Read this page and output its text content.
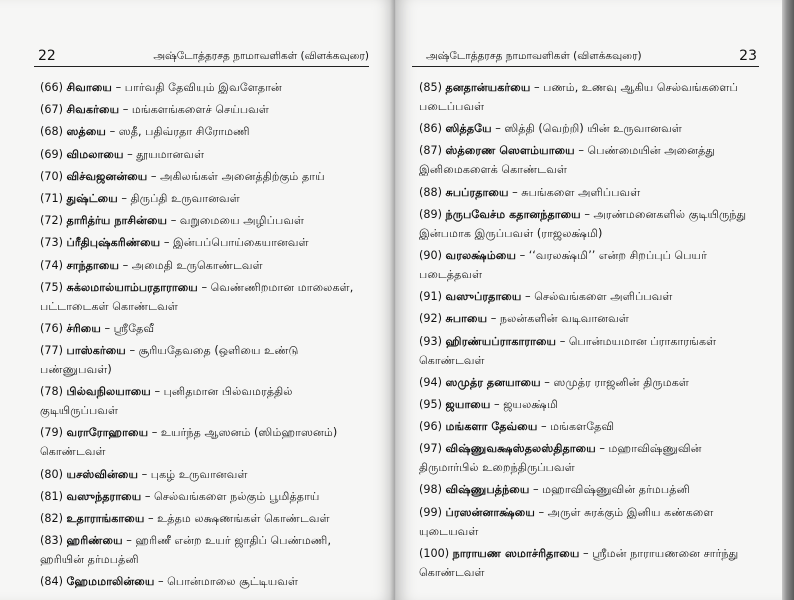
22	அஷ்டோத்தரசத நாமாவளிகள் (விளக்கவுரை)
(66) சிவாயை – பார்வதி தேவியும் இவளேதான்
(67) சிவகர்யை – மங்களங்களைச் செய்பவள்
(68) ஸத்யை – ஸதீ, பதிவ்ரதா சிரோமணி
(69) விமலாயை – தூயமானவள்
(70) விச்வஜனன்யை – அகிலங்கள் அனைத்திற்கும் தாய்
(71) துஷ்ட்யை – திருப்தி உருவானவள்
(72) தாரித்ர்ய நாசின்யை – வறுமையை அழிப்பவள்
(73) ப்ரீதிபுஷ்கரிண்யை – இன்பப்பொய்கையானவள்
(74) சாந்தாயை – அமைதி உருகொண்டவள்
(75) சுக்லமால்யாம்பரதாராயை – வெண்ணிறமான மாலைகள், பட்டாடைகள் கொண்டவள்
(76) ச்ரியை – ஸ்ரீதேவீ
(77) பாஸ்கர்யை – சூரியதேவதை (ஒளியை உண்டு பண்ணுபவள்)
(78) பில்வநிலயாயை – புனிதமான பில்வமரத்தில் குடியிருப்பவள்
(79) வராரோஹாயை – உயர்ந்த ஆஸனம் (ஸிம்ஹாஸனம்) கொண்டவள்
(80) யசஸ்வின்யை – புகழ் உருவானவள்
(81) வஸுந்தராயை – செல்வங்களை நல்கும் பூமித்தாய்
(82) உதாராங்காயை – உத்தம லக்ஷணங்கள் கொண்டவள்
(83) ஹரிண்யை – ஹரிணீ என்ற உயர் ஜாதிப் பெண்மணி, ஹரியின் தர்மபத்னி
(84) ஹேமமாலின்யை – பொன்மாலை சூட்டியவள்
அஷ்டோத்தரசத நாமாவளிகள் (விளக்கவுரை)	23
(85) தனதான்யகர்யை – பணம், உணவு ஆகிய செல்வங்களைப் படைப்பவள்
(86) ஸித்தயே – ஸித்தி (வெற்றி) யின் உருவானவள்
(87) ஸ்த்ரைண ஸௌம்யாயை – பெண்மையின் அனைத்து இனிமைகளைக் கொண்டவள்
(88) சுபப்ரதாயை – சுபங்களை அளிப்பவள்
(89) ந்ருபவேச்ம கதானந்தாயை – அரண்மனைகளில் குடியிருந்து இன்பமாக இருப்பவள் (ராஜலக்ஷ்மி)
(90) வரலக்ஷ்ம்யை – ‘‘வரலக்ஷ்மி’’ என்ற சிறப்புப் பெயர் படைத்தவள்
(91) வஸுப்ரதாயை – செல்வங்களை அளிப்பவள்
(92) சுபாயை – நலன்களின் வடிவானவள்
(93) ஹிரண்யப்ராகாராயை – பொன்மயமான ப்ராகாரங்கள் கொண்டவள்
(94) ஸமுத்ர தனயாயை – ஸமுத்ர ராஜனின் திருமகள்
(95) ஜயாயை – ஜயலக்ஷ்மி
(96) மங்களா தேவ்யை – மங்களதேவி
(97) விஷ்ணுவக்ஷஸ்தலஸ்திதாயை – மஹாவிஷ்ணுவின் திருமார்பில் உறைந்திருப்பவள்
(98) விஷ்ணுபத்ந்யை – மஹாவிஷ்ணுவின் தர்மபத்னி
(99) ப்ரஸன்னாக்ஷ்யை – அருள் சுரக்கும் இனிய கண்களை யுடையவள்
(100) நாராயண ஸமாச்ரிதாயை – ஸ்ரீமன் நாராயணனை சார்ந்து கொண்டவள்
